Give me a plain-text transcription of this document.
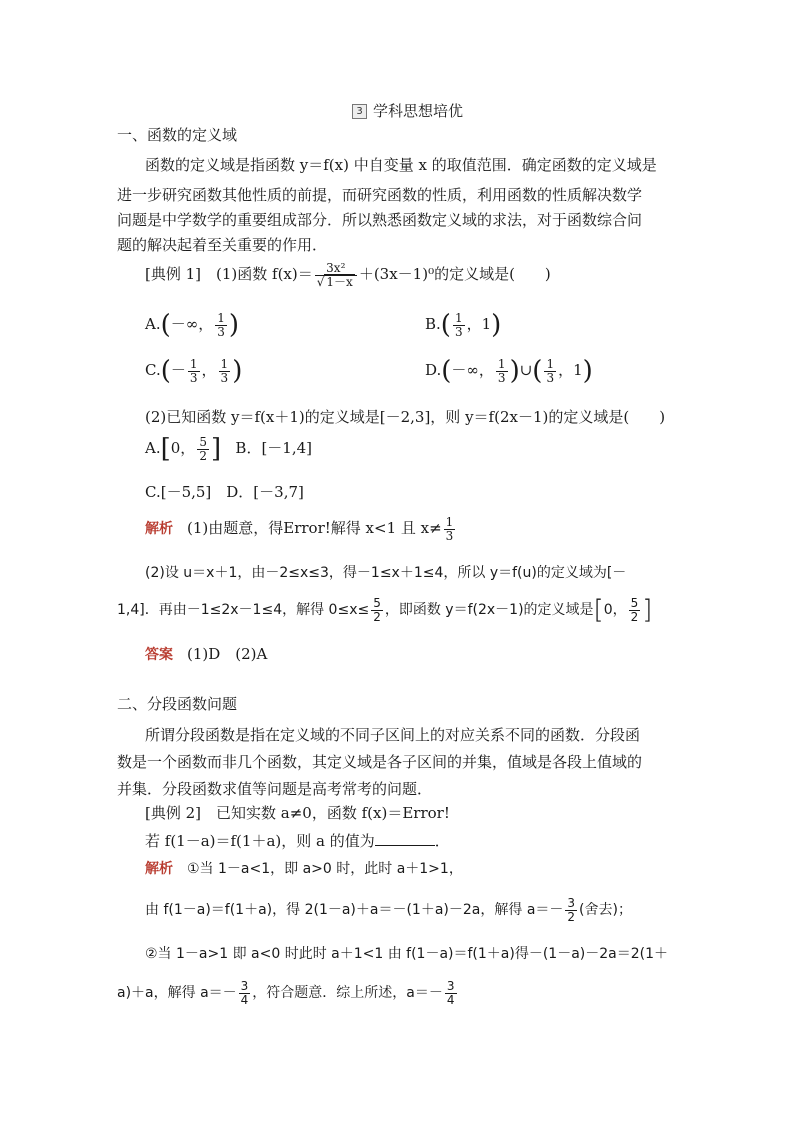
3 学科思想培优
一、函数的定义域
函数的定义域是指函数 y＝f(x) 中自变量 x 的取值范围．确定函数的定义域是
进一步研究函数其他性质的前提，而研究函数的性质，利用函数的性质解决数学
问题是中学数学的重要组成部分．所以熟悉函数定义域的求法，对于函数综合问
题的解决起着至关重要的作用．
[典例 1]　(1)函数 $f(x)= \frac{\text{3x²}}{√ 1-x} +(3x-1)^0$的定义域是(　　)
A.(－∞， $\frac{1}{3}$ )	$B.( \frac{1}{3}$ ，1)
$C.(- \frac{1}{3}$ ， $\frac{1}{3}$ )	D.(－∞， $\frac{1}{3}$ )∪( $\frac{1}{3}$ ，1)
(2)已知函数 y＝f(x＋1)的定义域是[－2,3]，则 y＝f(2x－1)的定义域是(　　)
A.[0， $\frac{5}{2}$ ] B．[－1,4]
C.[－5,5]　D．[－3,7]
解析 (1)由题意，得Error!解得 x<1 且 $x\ne \frac{1}{3}$
(2)设 u＝x＋1，由－2≤x≤3，得－1≤x＋1≤4，所以 y＝f(u)的定义域为[－
1,4]．再由－1≤2x－1≤4，解得 $0\le x\le \frac{5}{2}$ ，即函数 y＝f(2x－1)的定义域是[0， $\frac{5}{2}$ ]
答案 (1)D　(2)A
二、分段函数问题
所谓分段函数是指在定义域的不同子区间上的对应关系不同的函数．分段函
数是一个函数而非几个函数，其定义域是各子区间的并集，值域是各段上值域的
并集．分段函数求值等问题是高考常考的问题．
[典例 2]　已知实数 a≠0，函数 f(x)＝Error!
若 f(1－a)＝f(1＋a)，则 a 的值为	．
解析 ①当 1－a<1，即 a>0 时，此时 a＋1>1，
由 f(1－a)＝f(1＋a)，得 2(1－a)＋a＝－(1＋a)－2a，解得 $a=- \frac{3}{2}$ (舍去)；
②当 1－a>1 即 a<0 时此时 a＋1<1 由 f(1－a)＝f(1＋a)得－(1－a)－2a＝2(1＋
a)＋a，解得 $a=- \frac{3}{4}$ ，符合题意．综上所述，$a=- \frac{3}{4}$
